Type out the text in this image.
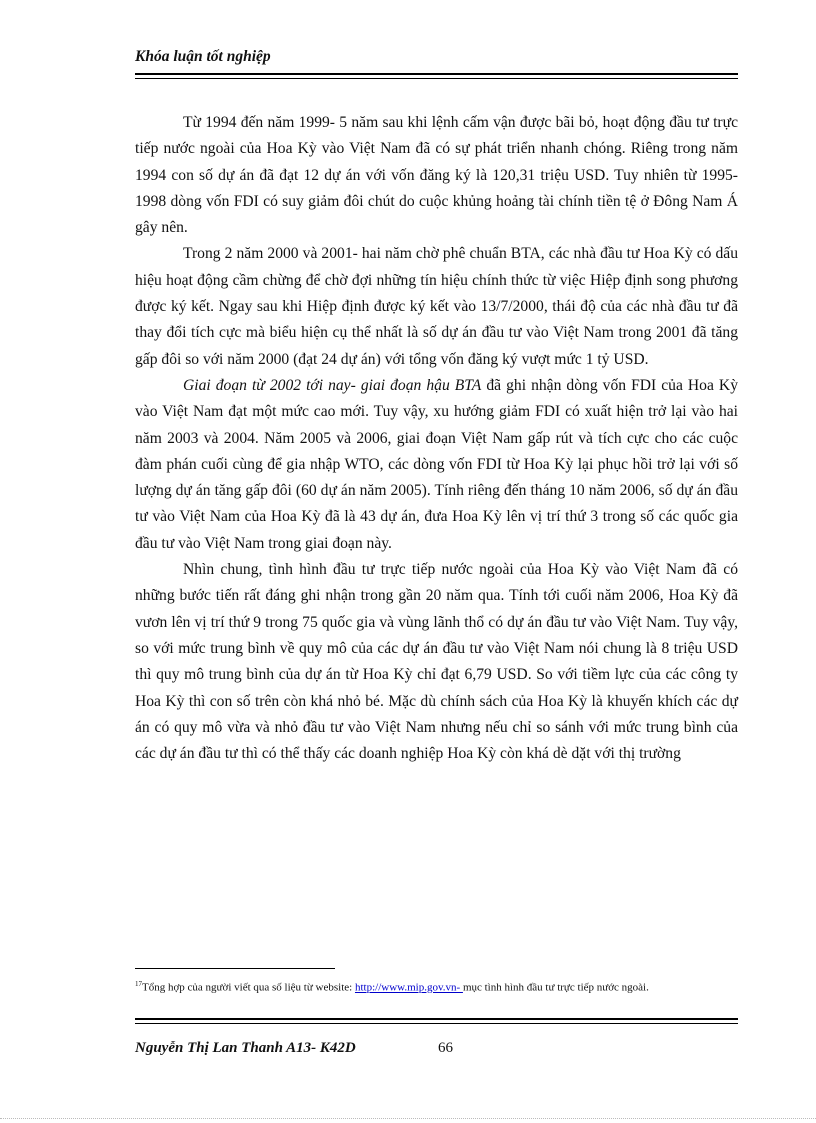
Khóa luận tốt nghiệp

Từ 1994 đến năm 1999- 5 năm sau khi lệnh cấm vận được bãi bỏ, hoạt động đầu tư trực tiếp nước ngoài của Hoa Kỳ vào Việt Nam đã có sự phát triển nhanh chóng. Riêng trong năm 1994 con số dự án đã đạt 12 dự án với vốn đăng ký là 120,31 triệu USD. Tuy nhiên từ 1995- 1998 dòng vốn FDI có suy giảm đôi chút do cuộc khủng hoảng tài chính tiền tệ ở Đông Nam Á gây nên.

Trong 2 năm 2000 và 2001- hai năm chờ phê chuẩn BTA, các nhà đầu tư Hoa Kỳ có dấu hiệu hoạt động cầm chừng để chờ đợi những tín hiệu chính thức từ việc Hiệp định song phương được ký kết. Ngay sau khi Hiệp định được ký kết vào 13/7/2000, thái độ của các nhà đầu tư đã thay đổi tích cực mà biểu hiện cụ thể nhất là số dự án đầu tư vào Việt Nam trong 2001 đã tăng gấp đôi so với năm 2000 (đạt 24 dự án) với tổng vốn đăng ký vượt mức 1 tỷ USD.

Giai đoạn từ 2002 tới nay- giai đoạn hậu BTA đã ghi nhận dòng vốn FDI của Hoa Kỳ vào Việt Nam đạt một mức cao mới. Tuy vậy, xu hướng giảm FDI có xuất hiện trở lại vào hai năm 2003 và 2004. Năm 2005 và 2006, giai đoạn Việt Nam gấp rút và tích cực cho các cuộc đàm phán cuối cùng để gia nhập WTO, các dòng vốn FDI từ Hoa Kỳ lại phục hồi trở lại với số lượng dự án tăng gấp đôi (60 dự án năm 2005). Tính riêng đến tháng 10 năm 2006, số dự án đầu tư vào Việt Nam của Hoa Kỳ đã là 43 dự án, đưa Hoa Kỳ lên vị trí thứ 3 trong số các quốc gia đầu tư vào Việt Nam trong giai đoạn này.

Nhìn chung, tình hình đầu tư trực tiếp nước ngoài của Hoa Kỳ vào Việt Nam đã có những bước tiến rất đáng ghi nhận trong gần 20 năm qua. Tính tới cuối năm 2006, Hoa Kỳ đã vươn lên vị trí thứ 9 trong 75 quốc gia và vùng lãnh thổ có dự án đầu tư vào Việt Nam. Tuy vậy, so với mức trung bình về quy mô của các dự án đầu tư vào Việt Nam nói chung là 8 triệu USD thì quy mô trung bình của dự án từ Hoa Kỳ chỉ đạt 6,79 USD. So với tiềm lực của các công ty Hoa Kỳ thì con số trên còn khá nhỏ bé. Mặc dù chính sách của Hoa Kỳ là khuyến khích các dự án có quy mô vừa và nhỏ đầu tư vào Việt Nam nhưng nếu chỉ so sánh với mức trung bình của các dự án đầu tư thì có thể thấy các doanh nghiệp Hoa Kỳ còn khá dè dặt với thị trường

$^{17}$Tổng hợp của người viết qua số liệu từ website: http://www.mip.gov.vn- mục tình hình đầu tư trực tiếp nước ngoài.
Nguyễn Thị Lan Thanh A13- K42D	66
